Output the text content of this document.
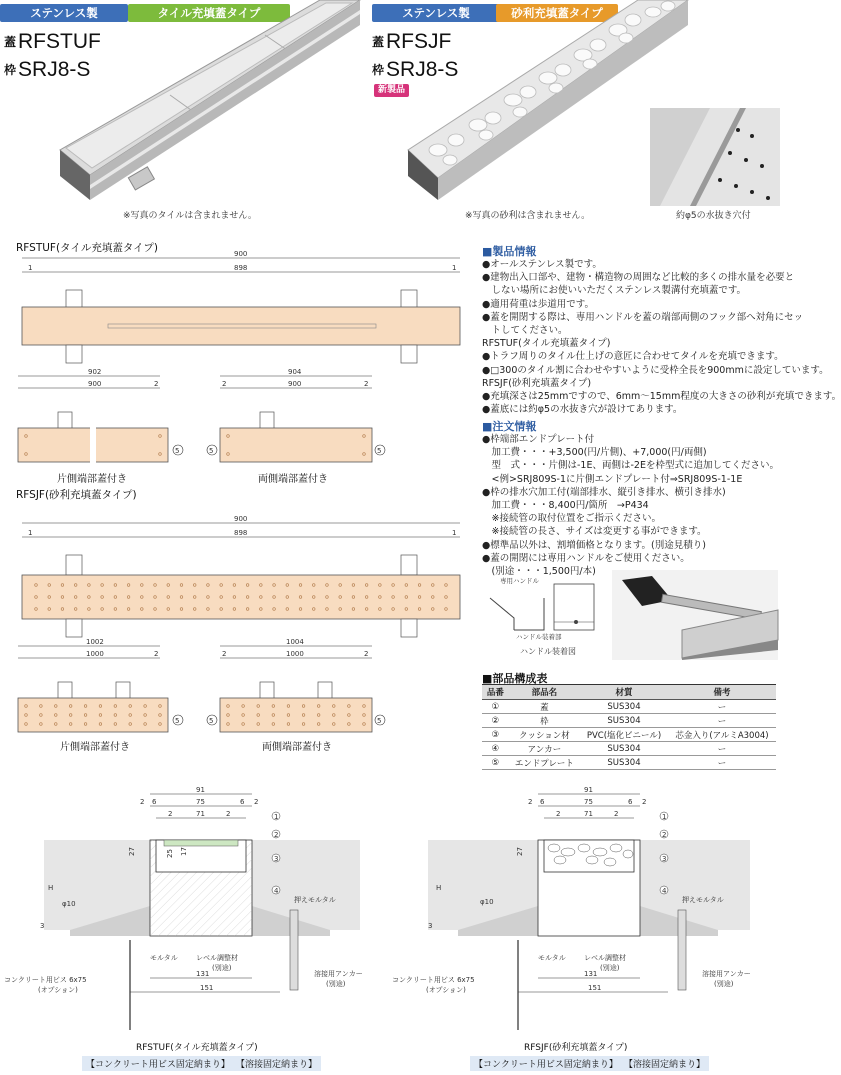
ステンレス製	タイル充填蓋タイプ
蓋RFSTUF
枠SRJ8-S
ステンレス製	砂利充填蓋タイプ
蓋RFSJF
枠SRJ8-S
新製品
※写真のタイルは含まれません。	※写真の砂利は含まれません。	約φ5の水抜き穴付
RFSTUF(タイル充填蓋タイプ)	900
898
1	1
902
900	2
5
片側端部蓋付き
904
900
2	2
5	5
両側端部蓋付き
RFSJF(砂利充填蓋タイプ)
900
898
1	1
1002
1000	2
5
片側端部蓋付き
1004
1000
2	2
5	5
両側端部蓋付き
■製品情報
●オールステンレス製です。
●建物出入口部や、建物・構造物の周囲など比較的多くの排水量を必要と
　しない場所にお使いいただくステンレス製溝付充填蓋です。
●適用荷重は歩道用です。
●蓋を開閉する際は、専用ハンドルを蓋の端部両側のフック部へ対角にセッ
　トしてください。
RFSTUF(タイル充填蓋タイプ)
●トラフ周りのタイル仕上げの意匠に合わせてタイルを充填できます。
●□300のタイル割に合わせやすいように受枠全長を900mmに設定しています。
RFSJF(砂利充填蓋タイプ)
●充填深さは25mmですので、6mm〜15mm程度の大きさの砂利が充填できます。
●蓋底には約φ5の水抜き穴が設けてあります。
■注文情報
●枠端部エンドプレート付
　加工費・・・+3,500(円/片側)、+7,000(円/両側)
　型　式・・・片側は-1E、両側は-2Eを枠型式に追加してください。
　<例>SRJ809S-1に片側エンドプレート付⇒SRJ809S-1-1E
●枠の排水穴加工付(端部排水、縦引き排水、横引き排水)
　加工費・・・8,400円/箇所　→P434
　※接続管の取付位置をご指示ください。
　※接続管の長さ、サイズは変更する事ができます。
●標準品以外は、割増価格となります。(別途見積り)
●蓋の開閉には専用ハンドルをご使用ください。
　(別途・・・1,500円/本)
専用ハンドル
ハンドル装着部
ハンドル装着図
■部品構成表
品番	部品名	材質	備考
①	蓋	SUS304	ー
②	枠	SUS304	ー
③	クッション材	PVC(塩化ビニール)	芯金入り(アルミA3004)
④	アンカー	SUS304	ー
⑤	エンドプレート	SUS304	ー
91
2 6	75	6 2
2	71	2
27	25 17
H
φ10
3
131
151
1
2
3
4
押えモルタル
モルタル	レベル調整材
(別途)
コンクリート用ビス 6x75
(オプション)
溶接用アンカー
(別途)
RFSTUF(タイル充填蓋タイプ)
【コンクリート用ビス固定納まり】 【溶接固定納まり】
91
2 6	75	6 2
2	71	2
27
H
φ10
3
131
151
1
2
3
4
押えモルタル
モルタル	レベル調整材
(別途)
コンクリート用ビス 6x75
(オプション)
溶接用アンカー
(別途)
RFSJF(砂利充填蓋タイプ)
【コンクリート用ビス固定納まり】 【溶接固定納まり】
